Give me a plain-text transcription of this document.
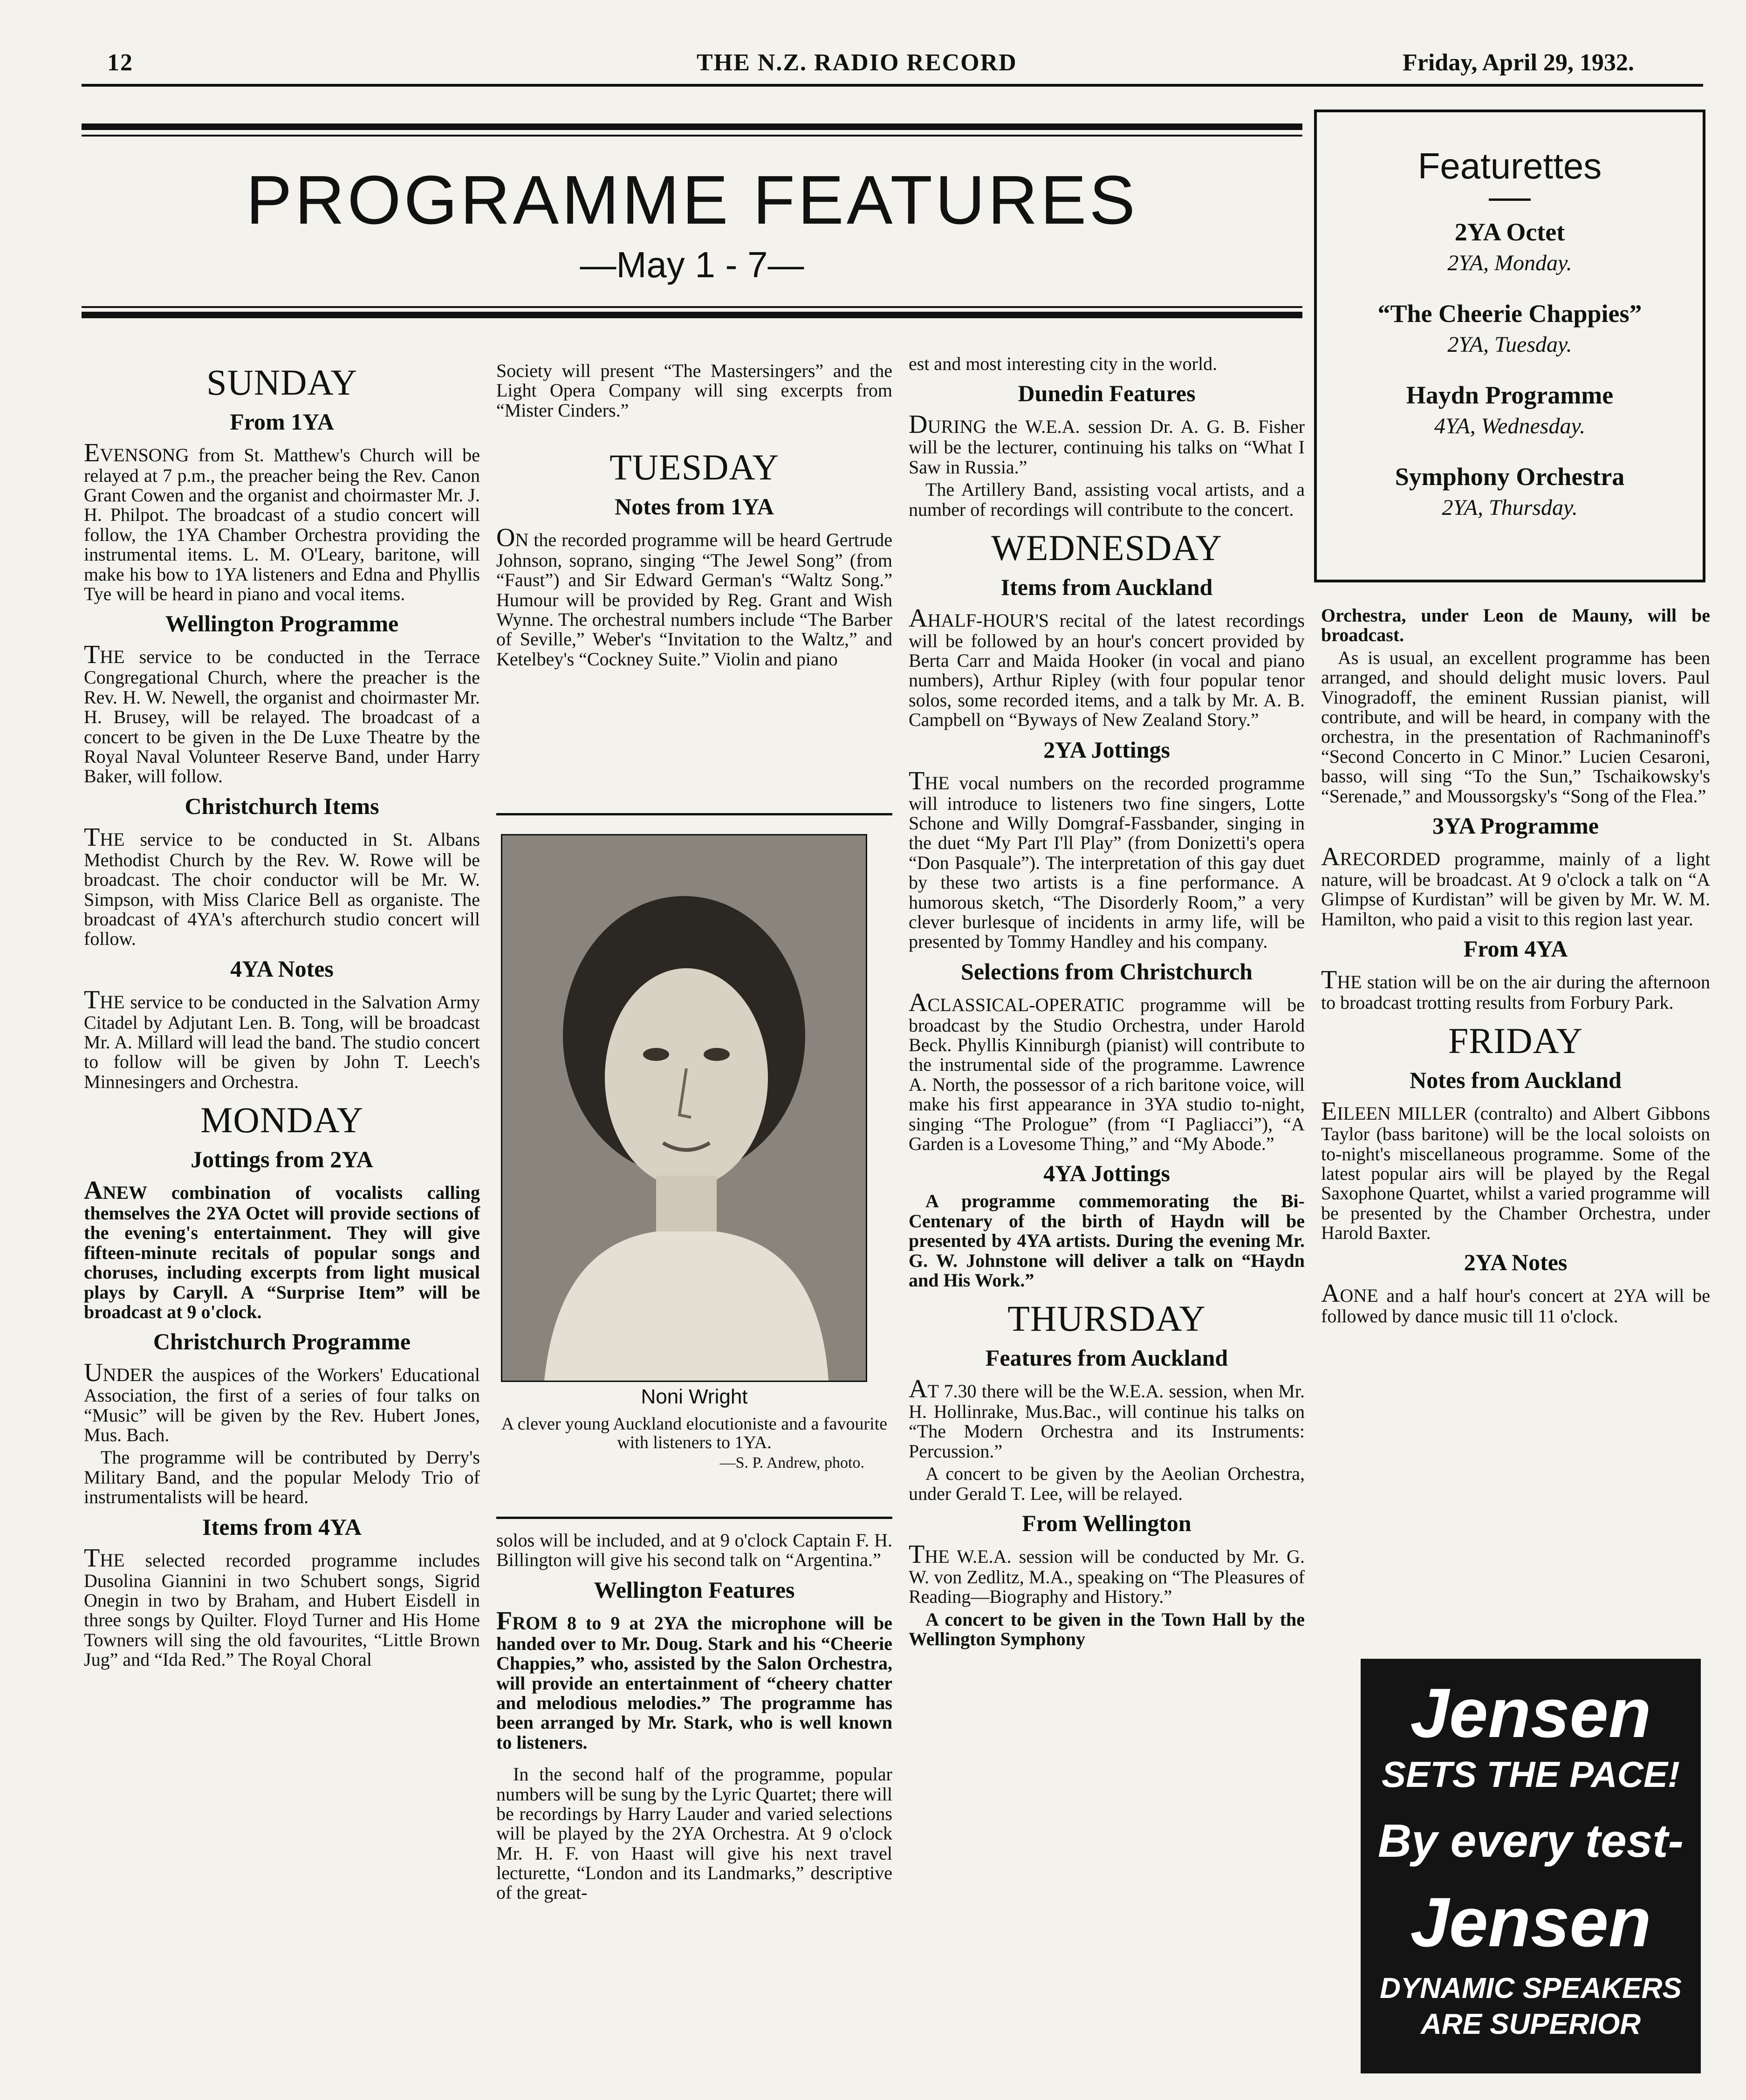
12	THE N.Z. RADIO RECORD	Friday, April 29, 1932.
PROGRAMME FEATURES
—May 1 - 7—
Featurettes
2YA Octet
2YA, Monday.
“The Cheerie Chappies”
2YA, Tuesday.
Haydn Programme
4YA, Wednesday.
Symphony Orchestra
2YA, Thursday.
SUNDAY
From 1YA

EVENSONG from St. Matthew's Church will be relayed at 7 p.m., the preacher being the Rev. Canon Grant Cowen and the organist and choirmaster Mr. J. H. Philpot. The broadcast of a studio concert will follow, the 1YA Chamber Orchestra providing the instrumental items. L. M. O'Leary, baritone, will make his bow to 1YA listeners and Edna and Phyllis Tye will be heard in piano and vocal items.

Wellington Programme

THE service to be conducted in the Terrace Congregational Church, where the preacher is the Rev. H. W. Newell, the organist and choirmaster Mr. H. Brusey, will be relayed. The broadcast of a concert to be given in the De Luxe Theatre by the Royal Naval Volunteer Reserve Band, under Harry Baker, will follow.

Christchurch Items

THE service to be conducted in St. Albans Methodist Church by the Rev. W. Rowe will be broadcast. The choir conductor will be Mr. W. Simpson, with Miss Clarice Bell as organiste. The broadcast of 4YA's afterchurch studio concert will follow.

4YA Notes

THE service to be conducted in the Salvation Army Citadel by Adjutant Len. B. Tong, will be broadcast Mr. A. Millard will lead the band. The studio concert to follow will be given by John T. Leech's Minnesingers and Orchestra.

MONDAY
Jottings from 2YA

ANEW combination of vocalists calling themselves the 2YA Octet will provide sections of the evening's entertainment. They will give fifteen-minute recitals of popular songs and choruses, including excerpts from light musical plays by Caryll. A “Surprise Item” will be broadcast at 9 o'clock.

Christchurch Programme

UNDER the auspices of the Workers' Educational Association, the first of a series of four talks on “Music” will be given by the Rev. Hubert Jones, Mus. Bach.

The programme will be contributed by Derry's Military Band, and the popular Melody Trio of instrumentalists will be heard.

Items from 4YA

THE selected recorded programme includes Dusolina Giannini in two Schubert songs, Sigrid Onegin in two by Braham, and Hubert Eisdell in three songs by Quilter. Floyd Turner and His Home Towners will sing the old favourites, “Little Brown Jug” and “Ida Red.” The Royal Choral

Society will present “The Mastersingers” and the Light Opera Company will sing excerpts from “Mister Cinders.”

TUESDAY
Notes from 1YA

ON the recorded programme will be heard Gertrude Johnson, soprano, singing “The Jewel Song” (from “Faust”) and Sir Edward German's “Waltz Song.” Humour will be provided by Reg. Grant and Wish Wynne. The orchestral numbers include “The Barber of Seville,” Weber's “Invitation to the Waltz,” and Ketelbey's “Cockney Suite.” Violin and piano

Noni Wright

A clever young Auckland elocutioniste and a favourite with listeners to 1YA.

—S. P. Andrew, photo.

solos will be included, and at 9 o'clock Captain F. H. Billington will give his second talk on “Argentina.”

Wellington Features

FROM 8 to 9 at 2YA the microphone will be handed over to Mr. Doug. Stark and his “Cheerie Chappies,” who, assisted by the Salon Orchestra, will provide an entertainment of “cheery chatter and melodious melodies.” The programme has been arranged by Mr. Stark, who is well known to listeners.

In the second half of the programme, popular numbers will be sung by the Lyric Quartet; there will be recordings by Harry Lauder and varied selections will be played by the 2YA Orchestra. At 9 o'clock Mr. H. F. von Haast will give his next travel lecturette, “London and its Landmarks,” descriptive of the great-

est and most interesting city in the world.

Dunedin Features

DURING the W.E.A. session Dr. A. G. B. Fisher will be the lecturer, continuing his talks on “What I Saw in Russia.”

The Artillery Band, assisting vocal artists, and a number of recordings will contribute to the concert.

WEDNESDAY
Items from Auckland

AHALF-HOUR'S recital of the latest recordings will be followed by an hour's concert provided by Berta Carr and Maida Hooker (in vocal and piano numbers), Arthur Ripley (with four popular tenor solos, some recorded items, and a talk by Mr. A. B. Campbell on “Byways of New Zealand Story.”

2YA Jottings

THE vocal numbers on the recorded programme will introduce to listeners two fine singers, Lotte Schone and Willy Domgraf-Fassbander, singing in the duet “My Part I'll Play” (from Donizetti's opera “Don Pasquale”). The interpretation of this gay duet by these two artists is a fine performance. A humorous sketch, “The Disorderly Room,” a very clever burlesque of incidents in army life, will be presented by Tommy Handley and his company.

Selections from Christchurch

ACLASSICAL-OPERATIC programme will be broadcast by the Studio Orchestra, under Harold Beck. Phyllis Kinniburgh (pianist) will contribute to the instrumental side of the programme. Lawrence A. North, the possessor of a rich baritone voice, will make his first appearance in 3YA studio to-night, singing “The Prologue” (from “I Pagliacci”), “A Garden is a Lovesome Thing,” and “My Abode.”

4YA Jottings

A programme commemorating the Bi-Centenary of the birth of Haydn will be presented by 4YA artists. During the evening Mr. G. W. Johnstone will deliver a talk on “Haydn and His Work.”

THURSDAY
Features from Auckland

AT 7.30 there will be the W.E.A. session, when Mr. H. Hollinrake, Mus.Bac., will continue his talks on “The Modern Orchestra and its Instruments: Percussion.”

A concert to be given by the Aeolian Orchestra, under Gerald T. Lee, will be relayed.

From Wellington

THE W.E.A. session will be conducted by Mr. G. W. von Zedlitz, M.A., speaking on “The Pleasures of Reading—Biography and History.”

A concert to be given in the Town Hall by the Wellington Symphony

Orchestra, under Leon de Mauny, will be broadcast.

As is usual, an excellent programme has been arranged, and should delight music lovers. Paul Vinogradoff, the eminent Russian pianist, will contribute, and will be heard, in company with the orchestra, in the presentation of Rachmaninoff's “Second Concerto in C Minor.” Lucien Cesaroni, basso, will sing “To the Sun,” Tschaikowsky's “Serenade,” and Moussorgsky's “Song of the Flea.”

3YA Programme

ARECORDED programme, mainly of a light nature, will be broadcast. At 9 o'clock a talk on “A Glimpse of Kurdistan” will be given by Mr. W. M. Hamilton, who paid a visit to this region last year.

From 4YA

THE station will be on the air during the afternoon to broadcast trotting results from Forbury Park.

FRIDAY
Notes from Auckland

EILEEN MILLER (contralto) and Albert Gibbons Taylor (bass baritone) will be the local soloists on to-night's miscellaneous programme. Some of the latest popular airs will be played by the Regal Saxophone Quartet, whilst a varied programme will be presented by the Chamber Orchestra, under Harold Baxter.

2YA Notes

AONE and a half hour's concert at 2YA will be followed by dance music till 11 o'clock.

Jensen
SETS THE PACE!
By every test-
Jensen
DYNAMIC SPEAKERS
ARE SUPERIOR
